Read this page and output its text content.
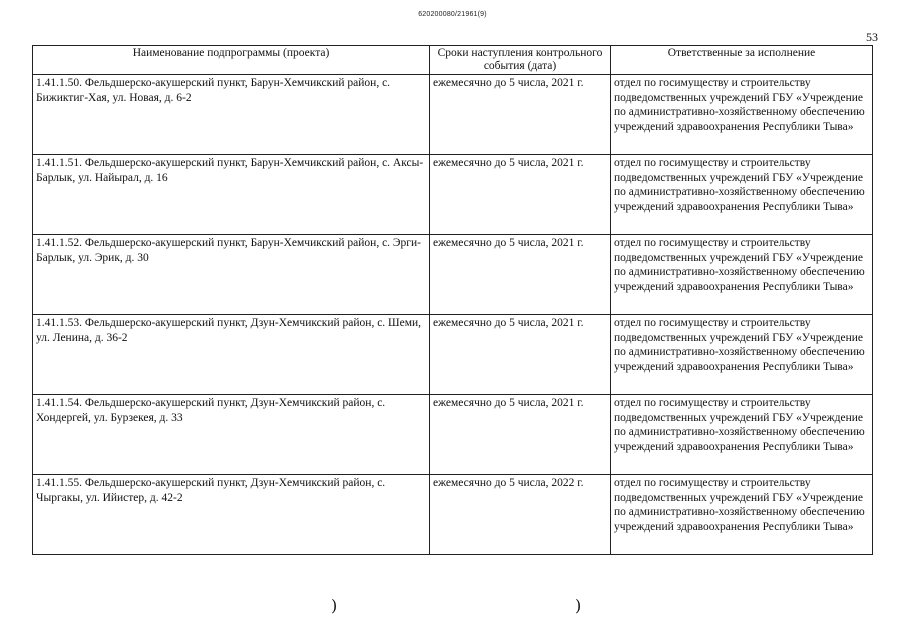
620200080/21961(9)
53
Наименование подпрограммы (проекта)	Сроки наступления контрольного события (дата)	Ответственные за исполнение
1.41.1.50. Фельдшерско-акушерский пункт, Барун-Хемчикский район, с. Бижиктиг-Хая, ул. Новая, д. 6-2	ежемесячно до 5 числа, 2021 г.	отдел по госимуществу и строительству подведомственных учреждений ГБУ «Учреждение по административно-хозяйственному обеспечению учреждений здравоохранения Республики Тыва»
1.41.1.51. Фельдшерско-акушерский пункт, Барун-Хемчикский район, с. Аксы-Барлык, ул. Найырал, д. 16	ежемесячно до 5 числа, 2021 г.	отдел по госимуществу и строительству подведомственных учреждений ГБУ «Учреждение по административно-хозяйственному обеспечению учреждений здравоохранения Республики Тыва»
1.41.1.52. Фельдшерско-акушерский пункт, Барун-Хемчикский район, с. Эрги-Барлык, ул. Эрик, д. 30	ежемесячно до 5 числа, 2021 г.	отдел по госимуществу и строительству подведомственных учреждений ГБУ «Учреждение по административно-хозяйственному обеспечению учреждений здравоохранения Республики Тыва»
1.41.1.53. Фельдшерско-акушерский пункт, Дзун-Хемчикский район, с. Шеми, ул. Ленина, д. 36-2	ежемесячно до 5 числа, 2021 г.	отдел по госимуществу и строительству подведомственных учреждений ГБУ «Учреждение по административно-хозяйственному обеспечению учреждений здравоохранения Республики Тыва»
1.41.1.54. Фельдшерско-акушерский пункт, Дзун-Хемчикский район, с. Хондергей, ул. Бурзекея, д. 33	ежемесячно до 5 числа, 2021 г.	отдел по госимуществу и строительству подведомственных учреждений ГБУ «Учреждение по административно-хозяйственному обеспечению учреждений здравоохранения Республики Тыва»
1.41.1.55. Фельдшерско-акушерский пункт, Дзун-Хемчикский район, с. Чыргакы, ул. Ийистер, д. 42-2	ежемесячно до 5 числа, 2022 г.	отдел по госимуществу и строительству подведомственных учреждений ГБУ «Учреждение по административно-хозяйственному обеспечению учреждений здравоохранения Республики Тыва»
)	)
